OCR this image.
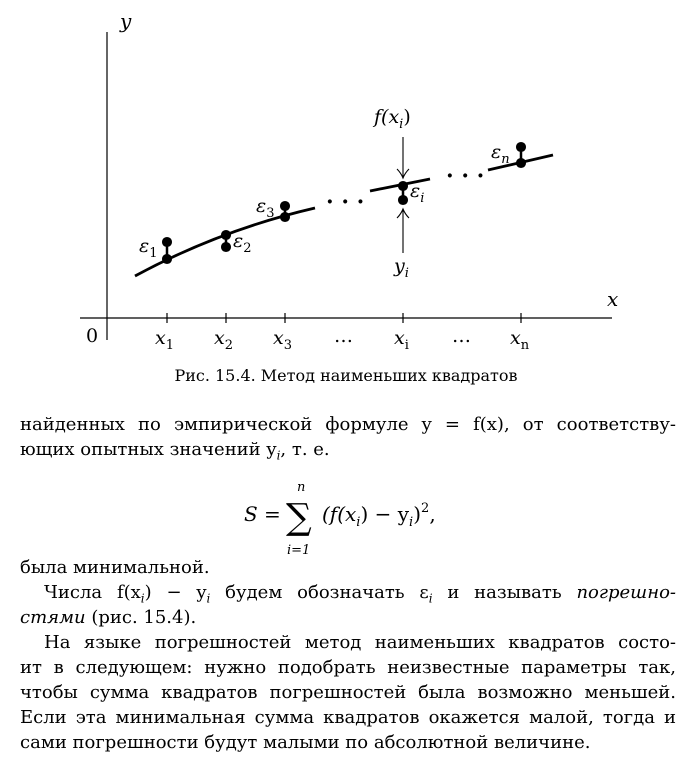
y
x
0	$x_1$ $x_2$ $x_3$ … $x_i$ … $x_n$
· · ·
· · ·
$\varepsilon_1$
$\varepsilon_2$
$\varepsilon_3$
$\varepsilon_i$
$\varepsilon_n$
$f(x_i)$
$y_i$
Рис. 15.4. Метод наименьших квадратов
найденных по эмпирической формуле y = f(x), от соответству-
ющих опытных значений $y_i$, т. е.
S = ∑
n
i=1
$(f(x_i) - y_i)^2$,
была минимальной.
Числа $f(x_i) - y_i$ будем обозначать $\varepsilon_i$ и называть погрешно-
стями (рис. 15.4).
На языке погрешностей метод наименьших квадратов состо-
ит в следующем: нужно подобрать неизвестные параметры так,
чтобы сумма квадратов погрешностей была возможно меньшей.
Если эта минимальная сумма квадратов окажется малой, тогда и
сами погрешности будут малыми по абсолютной величине.
